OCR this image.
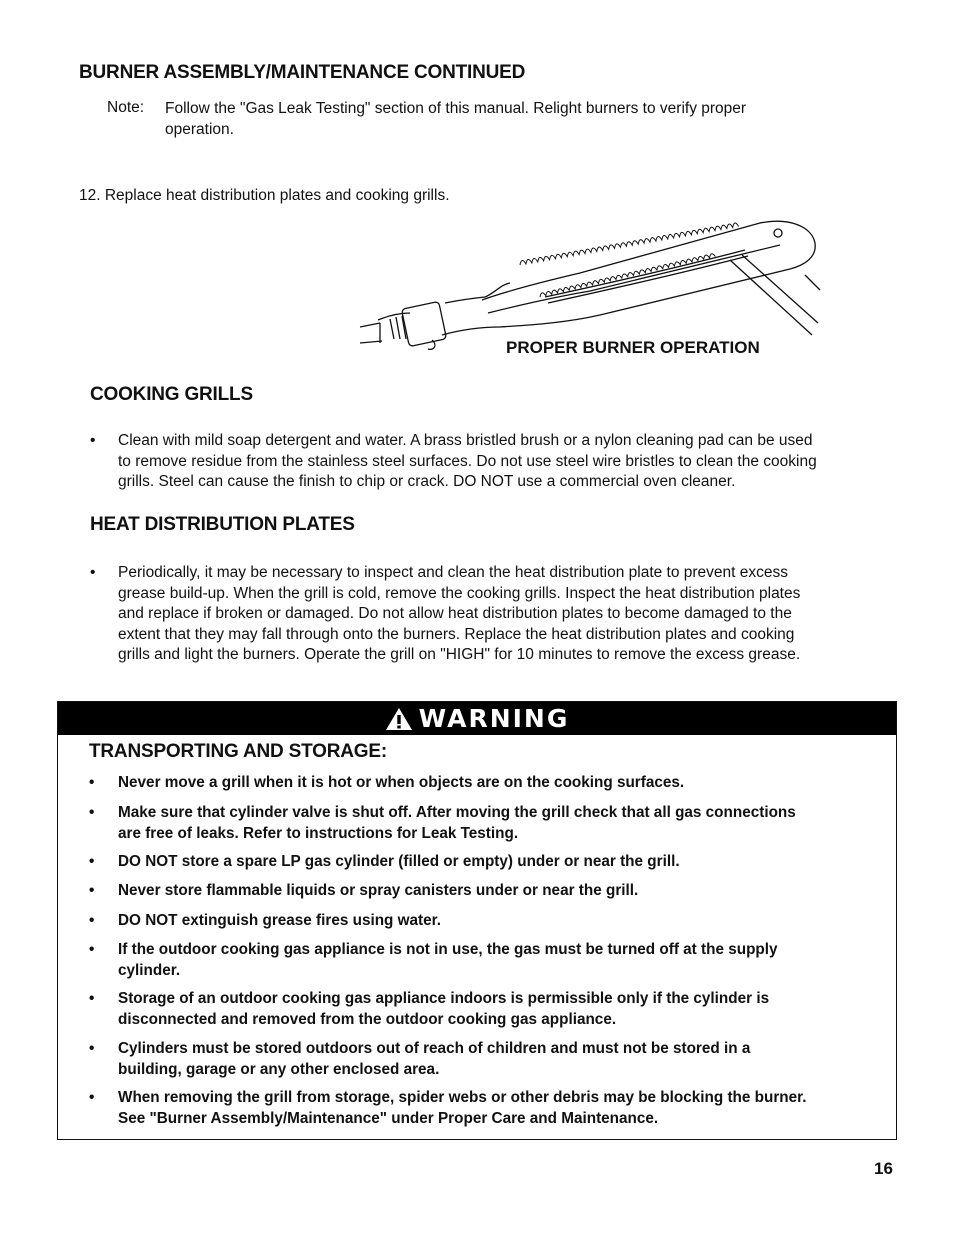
BURNER ASSEMBLY/MAINTENANCE CONTINUED
Note: Follow the "Gas Leak Testing" section of this manual. Relight burners to verify proper
operation.
12. Replace heat distribution plates and cooking grills.
PROPER BURNER OPERATION
COOKING GRILLS
• Clean with mild soap detergent and water. A brass bristled brush or a nylon cleaning pad can be used
to remove residue from the stainless steel surfaces. Do not use steel wire bristles to clean the cooking
grills. Steel can cause the finish to chip or crack. DO NOT use a commercial oven cleaner.
HEAT DISTRIBUTION PLATES
• Periodically, it may be necessary to inspect and clean the heat distribution plate to prevent excess
grease build-up. When the grill is cold, remove the cooking grills. Inspect the heat distribution plates
and replace if broken or damaged. Do not allow heat distribution plates to become damaged to the
extent that they may fall through onto the burners. Replace the heat distribution plates and cooking
grills and light the burners. Operate the grill on "HIGH" for 10 minutes to remove the excess grease.
WARNING
TRANSPORTING AND STORAGE:
• Never move a grill when it is hot or when objects are on the cooking surfaces.
• Make sure that cylinder valve is shut off. After moving the grill check that all gas connections
are free of leaks. Refer to instructions for Leak Testing.
• DO NOT store a spare LP gas cylinder (filled or empty) under or near the grill.
• Never store flammable liquids or spray canisters under or near the grill.
• DO NOT extinguish grease fires using water.
• If the outdoor cooking gas appliance is not in use, the gas must be turned off at the supply
cylinder.
• Storage of an outdoor cooking gas appliance indoors is permissible only if the cylinder is
disconnected and removed from the outdoor cooking gas appliance.
• Cylinders must be stored outdoors out of reach of children and must not be stored in a
building, garage or any other enclosed area.
• When removing the grill from storage, spider webs or other debris may be blocking the burner.
See "Burner Assembly/Maintenance" under Proper Care and Maintenance.
16
